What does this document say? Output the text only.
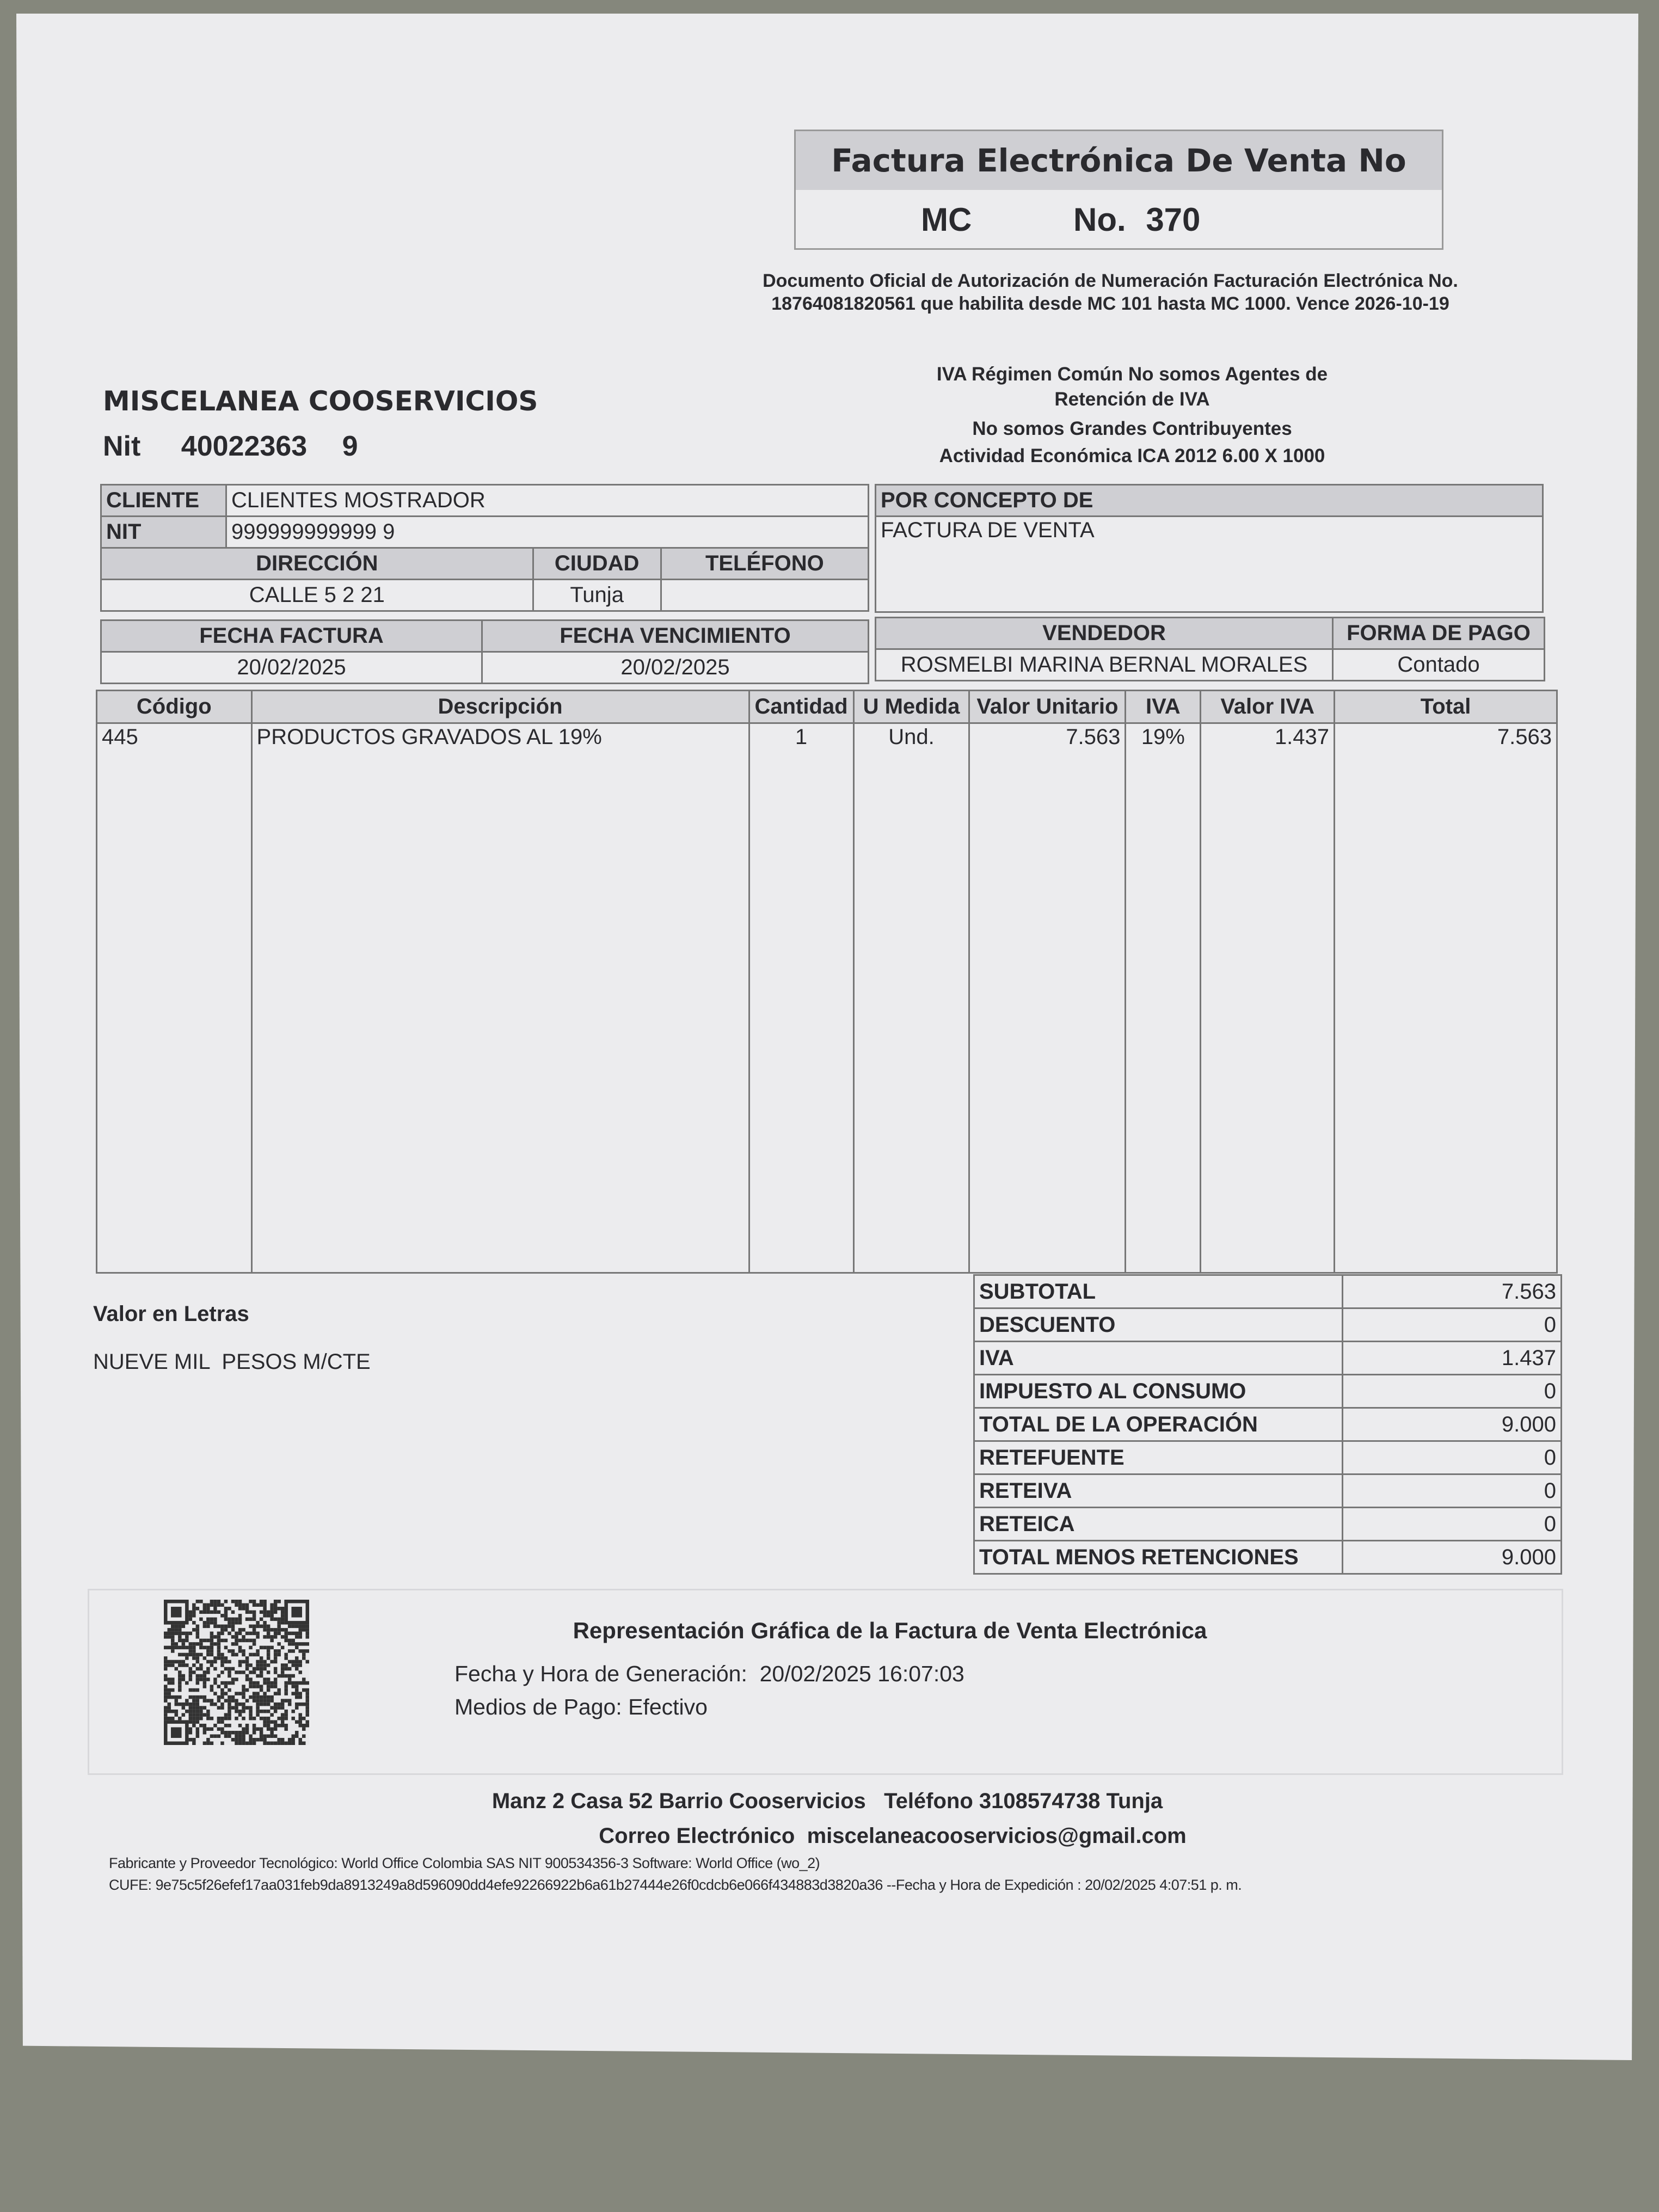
Factura Electrónica De Venta No
MC	No. 370
Documento Oficial de Autorización de Numeración Facturación Electrónica No.
18764081820561 que habilita desde MC 101 hasta MC 1000. Vence 2026-10-19
MISCELANEA COOSERVICIOS
Nit 40022363 9
IVA Régimen Común No somos Agentes de
Retención de IVA
No somos Grandes Contribuyentes
Actividad Económica ICA 2012 6.00 X 1000
CLIENTE	CLIENTES MOSTRADOR		
NIT	999999999999 9		
DIRECCIÓN		CIUDAD	TELÉFONO
CALLE 5 2 21		Tunja	
POR CONCEPTO DE
FACTURA DE VENTA
FECHA FACTURA	FECHA VENCIMIENTO
20/02/2025	20/02/2025
VENDEDOR	FORMA DE PAGO
ROSMELBI MARINA BERNAL MORALES	Contado
Código	Descripción	Cantidad	U Medida	Valor Unitario	IVA	Valor IVA	Total
445	PRODUCTOS GRAVADOS AL 19%	1	Und.	7.563	19%	1.437	7.563
Valor en Letras
NUEVE MIL  PESOS M/CTE
SUBTOTAL	7.563
DESCUENTO	0
IVA	1.437
IMPUESTO AL CONSUMO	0
TOTAL DE LA OPERACIÓN	9.000
RETEFUENTE	0
RETEIVA	0
RETEICA	0
TOTAL MENOS RETENCIONES	9.000
Representación Gráfica de la Factura de Venta Electrónica
Fecha y Hora de Generación:  20/02/2025 16:07:03
Medios de Pago: Efectivo
Manz 2 Casa 52 Barrio Cooservicios   Teléfono 3108574738 Tunja
Correo Electrónico  miscelaneacooservicios@gmail.com
Fabricante y Proveedor Tecnológico: World Office Colombia SAS NIT 900534356-3 Software: World Office (wo_2)
CUFE: 9e75c5f26efef17aa031feb9da8913249a8d596090dd4efe92266922b6a61b27444e26f0cdcb6e066f434883d3820a36 --Fecha y Hora de Expedición : 20/02/2025 4:07:51 p. m.
